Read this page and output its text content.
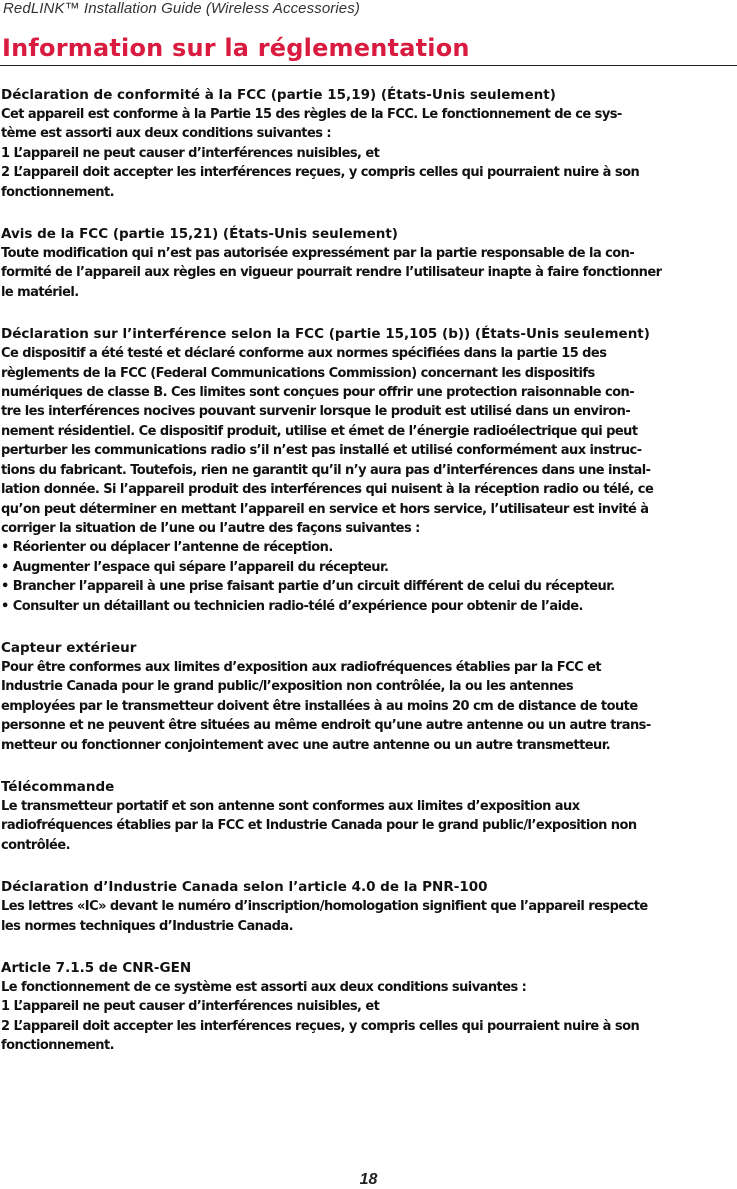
RedLINK™ Installation Guide (Wireless Accessories)
Information sur la réglementation
Déclaration de conformité à la FCC (partie 15,19) (États-Unis seulement)
Cet appareil est conforme à la Partie 15 des règles de la FCC. Le fonctionnement de ce sys-
tème est assorti aux deux conditions suivantes :
1 L’appareil ne peut causer d’interférences nuisibles, et
2 L’appareil doit accepter les interférences reçues, y compris celles qui pourraient nuire à son
fonctionnement.
Avis de la FCC (partie 15,21) (États-Unis seulement)
Toute modification qui n’est pas autorisée expressément par la partie responsable de la con-
formité de l’appareil aux règles en vigueur pourrait rendre l’utilisateur inapte à faire fonctionner
le matériel.
Déclaration sur l’interférence selon la FCC (partie 15,105 (b)) (États-Unis seulement)
Ce dispositif a été testé et déclaré conforme aux normes spécifiées dans la partie 15 des
règlements de la FCC (Federal Communications Commission) concernant les dispositifs
numériques de classe B. Ces limites sont conçues pour offrir une protection raisonnable con-
tre les interférences nocives pouvant survenir lorsque le produit est utilisé dans un environ-
nement résidentiel. Ce dispositif produit, utilise et émet de l’énergie radioélectrique qui peut
perturber les communications radio s’il n’est pas installé et utilisé conformément aux instruc-
tions du fabricant. Toutefois, rien ne garantit qu’il n’y aura pas d’interférences dans une instal-
lation donnée. Si l’appareil produit des interférences qui nuisent à la réception radio ou télé, ce
qu’on peut déterminer en mettant l’appareil en service et hors service, l’utilisateur est invité à
corriger la situation de l’une ou l’autre des façons suivantes :
• Réorienter ou déplacer l’antenne de réception.
• Augmenter l’espace qui sépare l’appareil du récepteur.
• Brancher l’appareil à une prise faisant partie d’un circuit différent de celui du récepteur.
• Consulter un détaillant ou technicien radio-télé d’expérience pour obtenir de l’aide.
Capteur extérieur
Pour être conformes aux limites d’exposition aux radiofréquences établies par la FCC et
Industrie Canada pour le grand public/l’exposition non contrôlée, la ou les antennes
employées par le transmetteur doivent être installées à au moins 20 cm de distance de toute
personne et ne peuvent être situées au même endroit qu’une autre antenne ou un autre trans-
metteur ou fonctionner conjointement avec une autre antenne ou un autre transmetteur.
Télécommande
Le transmetteur portatif et son antenne sont conformes aux limites d’exposition aux
radiofréquences établies par la FCC et Industrie Canada pour le grand public/l’exposition non
contrôlée.
Déclaration d’Industrie Canada selon l’article 4.0 de la PNR-100
Les lettres «IC» devant le numéro d’inscription/homologation signifient que l’appareil respecte
les normes techniques d’Industrie Canada.
Article 7.1.5 de CNR-GEN
Le fonctionnement de ce système est assorti aux deux conditions suivantes :
1 L’appareil ne peut causer d’interférences nuisibles, et
2 L’appareil doit accepter les interférences reçues, y compris celles qui pourraient nuire à son
fonctionnement.
18
